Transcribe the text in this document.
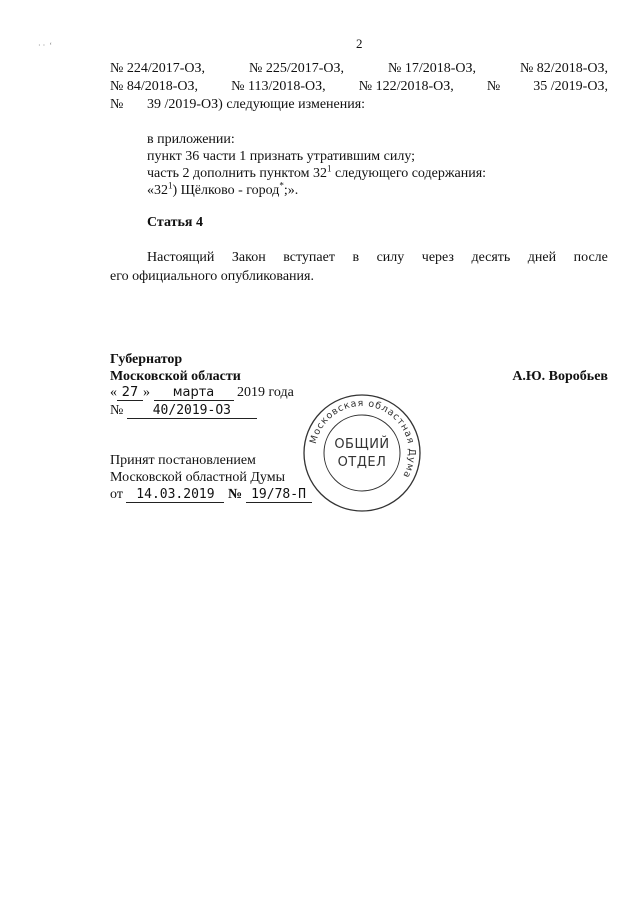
· ·  ʻ	2
№ 224/2017-ОЗ,	№ 225/2017-ОЗ,	№ 17/2018-ОЗ,	№ 82/2018-ОЗ,
№ 84/2018-ОЗ, № 113/2018-ОЗ, № 122/2018-ОЗ, № 35 /2019-ОЗ,
№ 39 /2019-ОЗ) следующие изменения:
в приложении:
пункт 36 части 1 признать утратившим силу;
часть 2 дополнить пунктом $32^1$ следующего содержания:
«$32^1$) Щёлково - город*;».
Статья 4
Настоящий Закон вступает в силу через десять дней после
его официального опубликования.
Губернатор
Московской области	А.Ю. Воробьев
« 27 » марта 2019 года
№ 40/2019-ОЗ
Принят постановлением
Московской областной Думы
от 14.03.2019 № 19/78-П
Московская областная Дума
ОБЩИЙ
ОТДЕЛ
